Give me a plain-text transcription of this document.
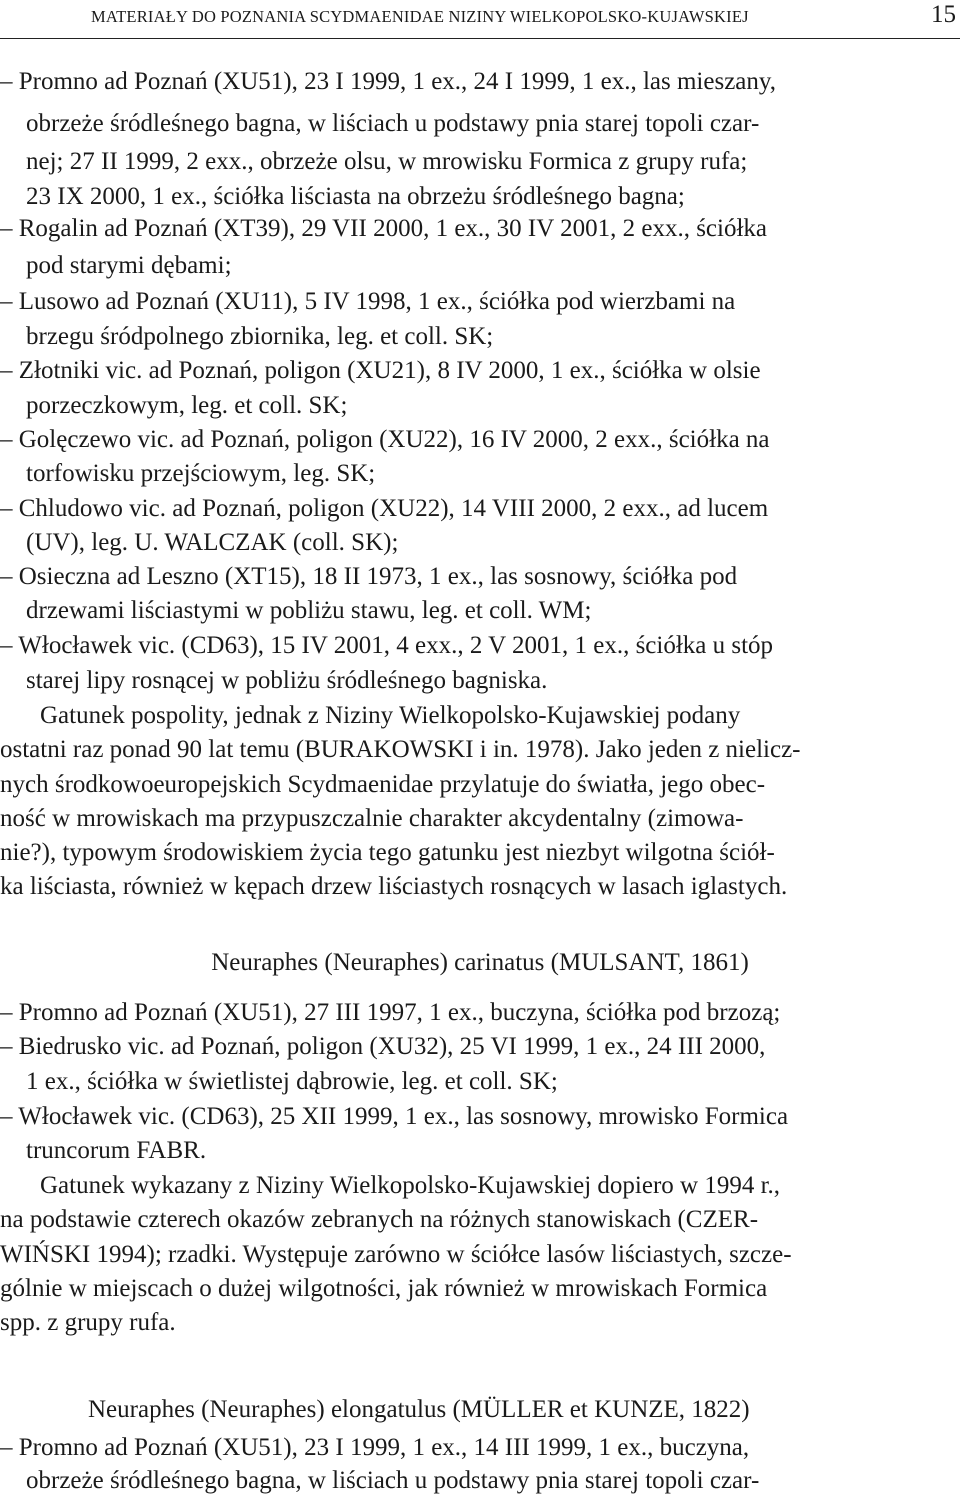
MATERIAŁY DO POZNANIA SCYDMAENIDAE NIZINY WIELKOPOLSKO-KUJAWSKIEJ	15
– Promno ad Poznań (XU51), 23 I 1999, 1 ex., 24 I 1999, 1 ex., las mieszany,
obrzeże śródleśnego bagna, w liściach u podstawy pnia starej topoli czar-
nej; 27 II 1999, 2 exx., obrzeże olsu, w mrowisku Formica z grupy rufa;
23 IX 2000, 1 ex., ściółka liściasta na obrzeżu śródleśnego bagna;
– Rogalin ad Poznań (XT39), 29 VII 2000, 1 ex., 30 IV 2001, 2 exx., ściółka
pod starymi dębami;
– Lusowo ad Poznań (XU11), 5 IV 1998, 1 ex., ściółka pod wierzbami na
brzegu śródpolnego zbiornika, leg. et coll. SK;
– Złotniki vic. ad Poznań, poligon (XU21), 8 IV 2000, 1 ex., ściółka w olsie
porzeczkowym, leg. et coll. SK;
– Golęczewo vic. ad Poznań, poligon (XU22), 16 IV 2000, 2 exx., ściółka na
torfowisku przejściowym, leg. SK;
– Chludowo vic. ad Poznań, poligon (XU22), 14 VIII 2000, 2 exx., ad lucem
(UV), leg. U. WALCZAK (coll. SK);
– Osieczna ad Leszno (XT15), 18 II 1973, 1 ex., las sosnowy, ściółka pod
drzewami liściastymi w pobliżu stawu, leg. et coll. WM;
– Włocławek vic. (CD63), 15 IV 2001, 4 exx., 2 V 2001, 1 ex., ściółka u stóp
starej lipy rosnącej w pobliżu śródleśnego bagniska.
Gatunek pospolity, jednak z Niziny Wielkopolsko-Kujawskiej podany
ostatni raz ponad 90 lat temu (BURAKOWSKI i in. 1978). Jako jeden z nielicz-
nych środkowoeuropejskich Scydmaenidae przylatuje do światła, jego obec-
ność w mrowiskach ma przypuszczalnie charakter akcydentalny (zimowa-
nie?), typowym środowiskiem życia tego gatunku jest niezbyt wilgotna ściół-
ka liściasta, również w kępach drzew liściastych rosnących w lasach iglastych.
Neuraphes (Neuraphes) carinatus (MULSANT, 1861)
– Promno ad Poznań (XU51), 27 III 1997, 1 ex., buczyna, ściółka pod brzozą;
– Biedrusko vic. ad Poznań, poligon (XU32), 25 VI 1999, 1 ex., 24 III 2000,
1 ex., ściółka w świetlistej dąbrowie, leg. et coll. SK;
– Włocławek vic. (CD63), 25 XII 1999, 1 ex., las sosnowy, mrowisko Formica
truncorum FABR.
Gatunek wykazany z Niziny Wielkopolsko-Kujawskiej dopiero w 1994 r.,
na podstawie czterech okazów zebranych na różnych stanowiskach (CZER-
WIŃSKI 1994); rzadki. Występuje zarówno w ściółce lasów liściastych, szcze-
gólnie w miejscach o dużej wilgotności, jak również w mrowiskach Formica
spp. z grupy rufa.
Neuraphes (Neuraphes) elongatulus (MÜLLER et KUNZE, 1822)
– Promno ad Poznań (XU51), 23 I 1999, 1 ex., 14 III 1999, 1 ex., buczyna,
obrzeże śródleśnego bagna, w liściach u podstawy pnia starej topoli czar-
